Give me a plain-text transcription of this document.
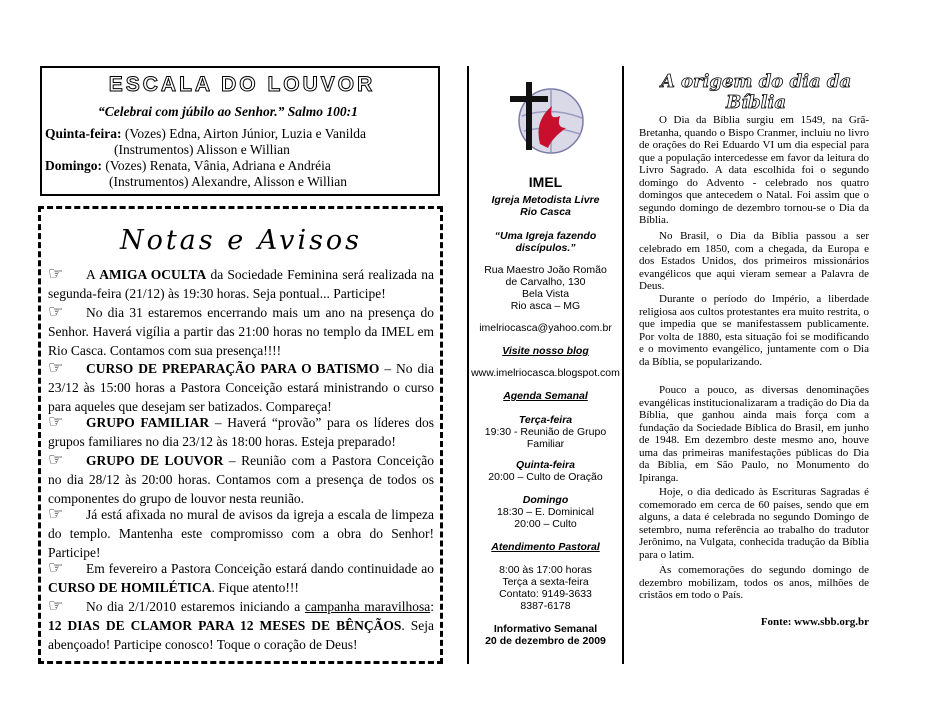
ESCALA DO LOUVOR
“Celebrai com júbilo ao Senhor.” Salmo 100:1
Quinta-feira: (Vozes) Edna, Airton Júnior, Luzia e Vanilda
(Instrumentos) Alisson e Willian
Domingo: (Vozes) Renata, Vânia, Adriana e Andréia
(Instrumentos) Alexandre, Alisson e Willian
Notas e Avisos
☞ A AMIGA OCULTA da Sociedade Feminina será realizada na segunda-feira (21/12) às 19:30 horas. Seja pontual... Participe!
☞ No dia 31 estaremos encerrando mais um ano na presença do Senhor. Haverá vigília a partir das 21:00 horas no templo da IMEL em Rio Casca. Contamos com sua presença!!!!
☞ CURSO DE PREPARAÇÃO PARA O BATISMO – No dia 23/12 às 15:00 horas a Pastora Conceição estará ministrando o curso para aqueles que desejam ser batizados. Compareça!
☞ GRUPO FAMILIAR – Haverá “provão” para os líderes dos grupos familiares no dia 23/12 às 18:00 horas. Esteja preparado!
☞ GRUPO DE LOUVOR – Reunião com a Pastora Conceição no dia 28/12 às 20:00 horas. Contamos com a presença de todos os componentes do grupo de louvor nesta reunião.
☞ Já está afixada no mural de avisos da igreja a escala de limpeza do templo. Mantenha este compromisso com a obra do Senhor! Participe!
☞ Em fevereiro a Pastora Conceição estará dando continuidade ao CURSO DE HOMILÉTICA. Fique atento!!!
☞ No dia 2/1/2010 estaremos iniciando a campanha maravilhosa: 12 DIAS DE CLAMOR PARA 12 MESES DE BÊNÇÃOS. Seja abençoado! Participe conosco! Toque o coração de Deus!
IMEL
Igreja Metodista Livre
Rio Casca
“Uma Igreja fazendo
discípulos.”
Rua Maestro João Romão
de Carvalho, 130
Bela Vista
Rio asca – MG
imelriocasca@yahoo.com.br
Visite nosso blog
www.imelriocasca.blogspot.com
Agenda Semanal
Terça-feira
19:30 - Reunião de Grupo
Familiar
Quinta-feira
20:00 – Culto de Oração
Domingo
18:30 – E. Dominical
20:00 – Culto
Atendimento Pastoral
8:00 às 17:00 horas
Terça a sexta-feira
Contato: 9149-3633
8387-6178
Informativo Semanal
20 de dezembro de 2009
A origem do dia da Bíblia
O Dia da Bíblia surgiu em 1549, na Grã-Bretanha, quando o Bispo Cranmer, incluiu no livro de orações do Rei Eduardo VI um dia especial para que a população intercedesse em favor da leitura do Livro Sagrado. A data escolhida foi o segundo domingo do Advento - celebrado nos quatro domingos que antecedem o Natal. Foi assim que o segundo domingo de dezembro tornou-se o Dia da Bíblia.
No Brasil, o Dia da Bíblia passou a ser celebrado em 1850, com a chegada, da Europa e dos Estados Unidos, dos primeiros missionários evangélicos que aqui vieram semear a Palavra de Deus.
Durante o período do Império, a liberdade religiosa aos cultos protestantes era muito restrita, o que impedia que se manifestassem publicamente. Por volta de 1880, esta situação foi se modificando e o movimento evangélico, juntamente com o Dia da Bíblia, se popularizando.
Pouco a pouco, as diversas denominações evangélicas institucionalizaram a tradição do Dia da Bíblia, que ganhou ainda mais força com a fundação da Sociedade Bíblica do Brasil, em junho de 1948. Em dezembro deste mesmo ano, houve uma das primeiras manifestações públicas do Dia da Bíblia, em São Paulo, no Monumento do Ipiranga.
Hoje, o dia dedicado às Escrituras Sagradas é comemorado em cerca de 60 países, sendo que em alguns, a data é celebrada no segundo Domingo de setembro, numa referência ao trabalho do tradutor Jerônimo, na Vulgata, conhecida tradução da Bíblia para o latim.
As comemorações do segundo domingo de dezembro mobilizam, todos os anos, milhões de cristãos em todo o País.
Fonte: www.sbb.org.br
